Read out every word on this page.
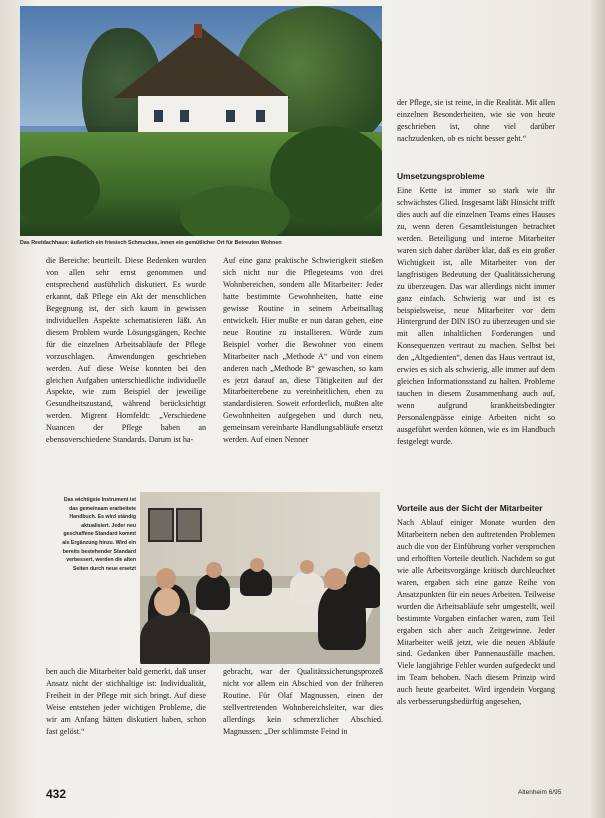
Das Reetdachhaus: äußerlich ein friesisch Schmuckes, innen ein gemütlicher Ort für Betreuten Wohnen

die Bereiche: beurteilt. Diese Bedenken wurden von allen sehr ernst genommen und entsprechend ausführlich diskutiert. Es wurde erkannt, daß Pflege ein Akt der menschlichen Begegnung ist, der sich kaum in gewissen individuellen Aspekte schematisieren läßt. An diesem Problem wurde Lösungsgängen, Rechte für die einzelnen Arbeitsabläufe der Pflege vorzuschlagen. Anwendungen geschrieben werden. Auf diese Weise konnten bei den gleichen Aufgaben unterschiedliche individuelle Aspekte, wie zum Beispiel der jeweilige Gesundheitszustand, während berücksichtigt werden. Migrent Hornfeldt: „Verschiedene Nuancen der Pflege haben an ebensoverschiedene Standards. Darum ist ha-

Auf eine ganz praktische Schwierigkeit stießen sich nicht nur die Pflegeteams von drei Wohnbereichen, sondern alle Mitarbeiter: Jeder hatte bestimmte Gewohnheiten, hatte eine gewisse Routine in seinem Arbeitsalltag entwickelt. Hier mußte er nun daran gehen, eine neue Routine zu installieren. Würde zum Beispiel vorher die Bewohner von einem Mitarbeiter nach „Methode A“ und von einem anderen nach „Methode B“ gewaschen, so kam es jetzt darauf an, diese Tätigkeiten auf der Mitarbeiterebene zu vereinheitlichen, eben zu standardisieren. Soweit erforderlich, mußten alte Gewohnheiten aufgegeben und durch neu, gemeinsam vereinbarte Handlungsabläufe ersetzt werden. Auf einen Nenner

der Pflege, sie ist reine, in die Realität. Mit allen einzelnen Besonderheiten, wie sie von heute geschrieben ist, ohne viel darüber nachzudenken, ob es nicht besser geht.“

Umsetzungsprobleme

Eine Kette ist immer so stark wie ihr schwächstes Glied. Insgesamt läßt Hinsicht trifft dies auch auf die einzelnen Teams eines Hauses zu, wenn deren Gesamtleistungen betrachtet werden. Beteiligung und interne Mitarbeiter waren sich daher darüber klar, daß es ein großer Wichtigkeit ist, alle Mitarbeiter von der langfristigen Bedeutung der Qualitätssicherung zu überzeugen. Das war allerdings nicht immer ganz einfach. Schwierig war und ist es beispielsweise, neue Mitarbeiter vor dem Hintergrund der DIN ISO zu überzeugen und sie mit allen inhaltlichen Forderungen und Konsequenzen vertraut zu machen. Selbst bei den „Altgedienten“, denen das Haus vertraut ist, erwies es sich als schwierig, alle immer auf dem gleichen Informationsstand zu halten. Probleme tauchen in diesem Zusammenhang auch auf, wenn aufgrund krankheitsbedingter Personalengpässe einige Arbeiten nicht so ausgeführt werden können, wie es im Handbuch festgelegt wurde.

Vorteile aus der Sicht der Mitarbeiter

Nach Ablauf einiger Monate wurden den Mitarbeitern neben den auftretenden Problemen auch die von der Einführung vorher versprochen und erhofften Vorteile deutlich. Nachdem so gut wie alle Arbeitsvorgänge kritisch durchleuchtet waren, ergaben sich eine ganze Reihe von Ansatzpunkten für ein neues Arbeiten. Teilweise wurden die Arbeitsabläufe sehr umgestellt, weil bestimmte Vorgaben einfacher waren, zum Teil ergaben sich aber auch Zeitgewinne. Jeder Mitarbeiter weiß jetzt, wie die neuen Abläufe sind. Gedanken über Pannenausfälle machen. Viele langjährige Fehler wurden aufgedeckt und im Team behoben. Nach diesem Prinzip wird auch heute gearbeitet. Wird irgendein Vorgang als verbesserungsbedürftig angesehen,

Das wichtigste Instrument ist das gemeinsam erarbeitete Handbuch. Es wird ständig aktualisiert. Jeder neu geschaffene Standard kommt als Ergänzung hinzu. Wird ein bereits bestehender Standard verbessert, werden die alten Seiten durch neue ersetzt

ben auch die Mitarbeiter bald gemerkt, daß unser Ansatz nicht der stichhaltige ist: Individualität, Freiheit in der Pflege mit sich bringt. Auf diese Weise entstehen jeder wichtigen Probleme, die wir am Anfang hätten diskutiert haben, schon fast gelöst.“

gebracht, war der Qualitätssicherungsprozeß nicht vor allem ein Abschied von der früheren Routine. Für Olaf Magnussen, einen der stellvertretenden Wohnbereichsleiter, war dies allerdings kein schmerzlicher Abschied. Magnussen: „Der schlimmste Feind in

432	Altenheim 6/95
